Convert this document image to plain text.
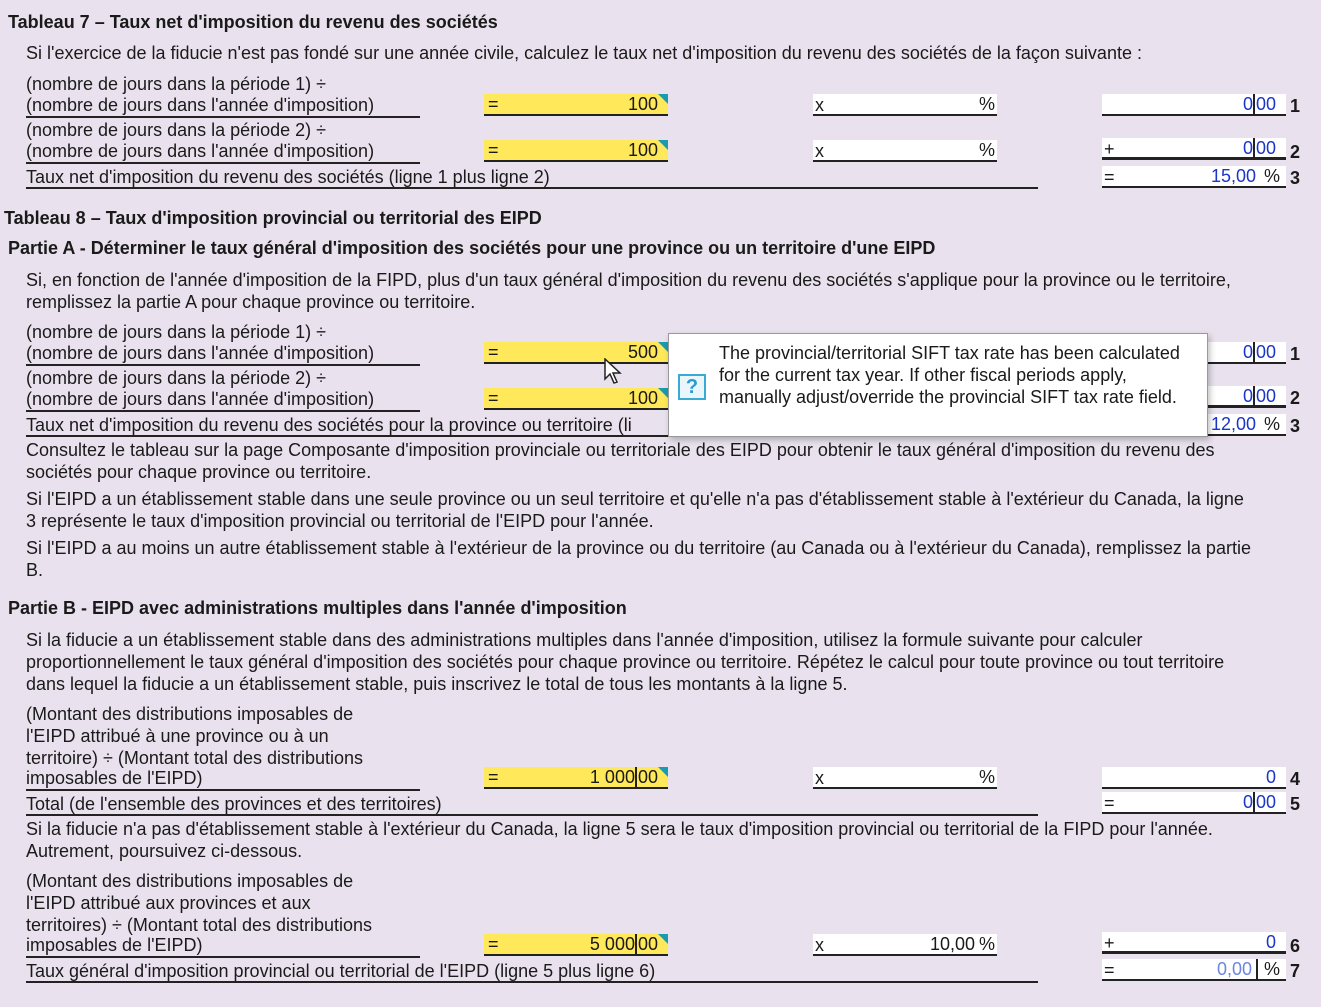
Tableau 7 – Taux net d'imposition du revenu des sociétés
Si l'exercice de la fiducie n'est pas fondé sur une année civile, calculez le taux net d'imposition du revenu des sociétés de la façon suivante :
(nombre de jours dans la période 1) ÷
(nombre de jours dans l'année d'imposition)	=	100	x	%	0 00 1
(nombre de jours dans la période 2) ÷
(nombre de jours dans l'année d'imposition)	=	100	x	%	+	0 00 2
Taux net d'imposition du revenu des sociétés (ligne 1 plus ligne 2)	=	15,00 % 3
Tableau 8 – Taux d'imposition provincial ou territorial des EIPD
Partie A - Déterminer le taux général d'imposition des sociétés pour une province ou un territoire d'une EIPD
Si, en fonction de l'année d'imposition de la FIPD, plus d'un taux général d'imposition du revenu des sociétés s'applique pour la province ou le territoire,
remplissez la partie A pour chaque province ou territoire.
(nombre de jours dans la période 1) ÷
(nombre de jours dans l'année d'imposition)	=	500	0 00 1
(nombre de jours dans la période 2) ÷
(nombre de jours dans l'année d'imposition)	=	100	0 00 2
Taux net d'imposition du revenu des sociétés pour la province ou territoire (li	12,00 % 3
Consultez le tableau sur la page Composante d'imposition provinciale ou territoriale des EIPD pour obtenir le taux général d'imposition du revenu des
sociétés pour chaque province ou territoire.
Si l'EIPD a un établissement stable dans une seule province ou un seul territoire et qu'elle n'a pas d'établissement stable à l'extérieur du Canada, la ligne
3 représente le taux d'imposition provincial ou territorial de l'EIPD pour l'année.
Si l'EIPD a au moins un autre établissement stable à l'extérieur de la province ou du territoire (au Canada ou à l'extérieur du Canada), remplissez la partie
B.
Partie B - EIPD avec administrations multiples dans l'année d'imposition
Si la fiducie a un établissement stable dans des administrations multiples dans l'année d'imposition, utilisez la formule suivante pour calculer
proportionnellement le taux général d'imposition des sociétés pour chaque province ou territoire. Répétez le calcul pour toute province ou tout territoire
dans lequel la fiducie a un établissement stable, puis inscrivez le total de tous les montants à la ligne 5.
(Montant des distributions imposables de
l'EIPD attribué à une province ou à un
territoire) ÷ (Montant total des distributions
imposables de l'EIPD)	=	1 000 00	x	%	0 4
Total (de l'ensemble des provinces et des territoires)	=	0 00 5
Si la fiducie n'a pas d'établissement stable à l'extérieur du Canada, la ligne 5 sera le taux d'imposition provincial ou territorial de la FIPD pour l'année.
Autrement, poursuivez ci-dessous.
(Montant des distributions imposables de
l'EIPD attribué aux provinces et aux
territoires) ÷ (Montant total des distributions
imposables de l'EIPD)	=	5 000 00	x	10,00 %	+	0 6
Taux général d'imposition provincial ou territorial de l'EIPD (ligne 5 plus ligne 6)	=	0,00 % 7
?
The provincial/territorial SIFT tax rate has been calculated for the current tax year. If other fiscal periods apply, manually adjust/override the provincial SIFT tax rate field.
